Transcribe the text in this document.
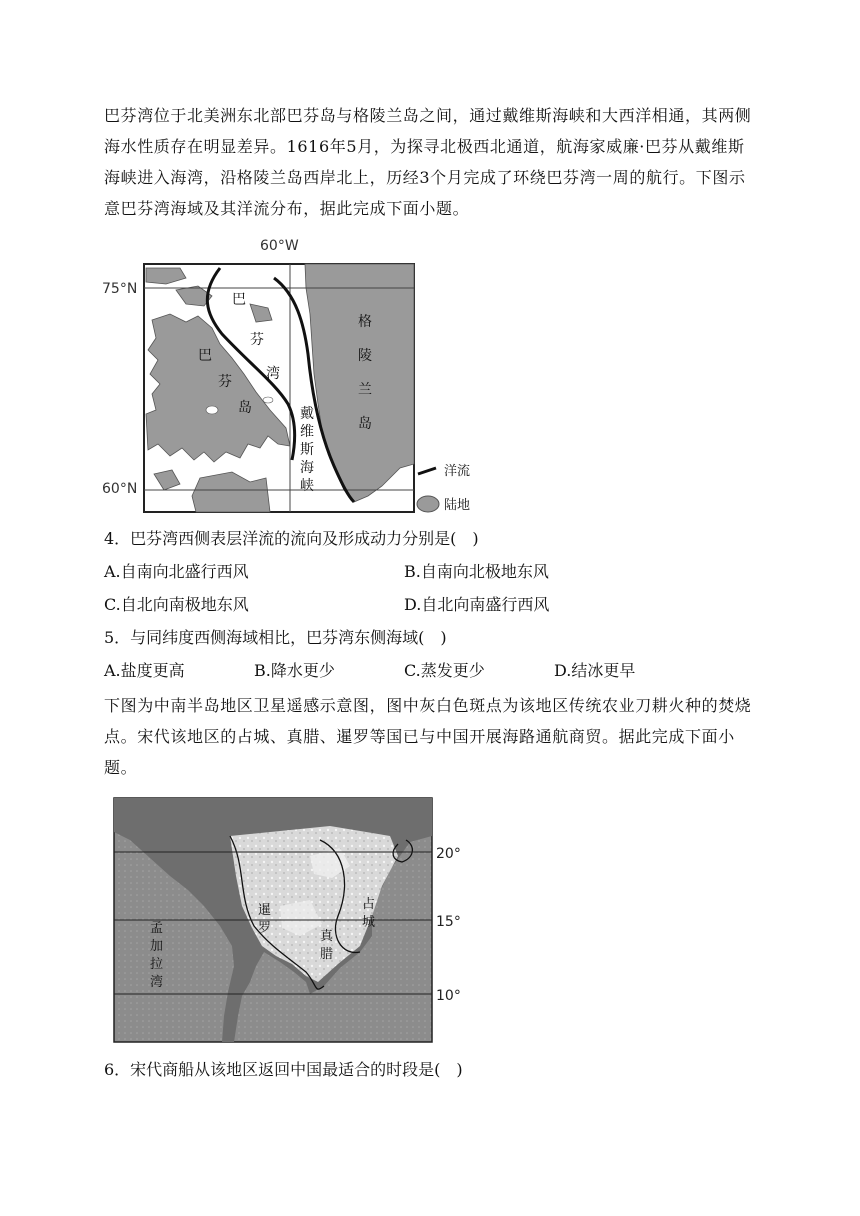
巴芬湾位于北美洲东北部巴芬岛与格陵兰岛之间，通过戴维斯海峡和大西洋相通，其两侧海水性质存在明显差异。1616年5月，为探寻北极西北通道，航海家威廉·巴芬从戴维斯海峡进入海湾，沿格陵兰岛西岸北上，历经3个月完成了环绕巴芬湾一周的航行。下图示意巴芬湾海域及其洋流分布，据此完成下面小题。

60°W
75°N
60°N
巴
芬
湾
巴
芬
岛
格
陵
兰
岛
戴
维
斯
海
峡
洋流
陆地
4．巴芬湾西侧表层洋流的流向及形成动力分别是(　)
A.自南向北盛行西风	B.自南向北极地东风
C.自北向南极地东风	D.自北向南盛行西风
5．与同纬度西侧海域相比，巴芬湾东侧海域(　)
A.盐度更高	B.降水更少	C.蒸发更少	D.结冰更早

下图为中南半岛地区卫星遥感示意图，图中灰白色斑点为该地区传统农业刀耕火种的焚烧点。宋代该地区的占城、真腊、暹罗等国已与中国开展海路通航商贸。据此完成下面小题。

20°
15°
10°
孟
加
拉
湾
暹
罗
真
腊
占
城
6．宋代商船从该地区返回中国最适合的时段是(　)
